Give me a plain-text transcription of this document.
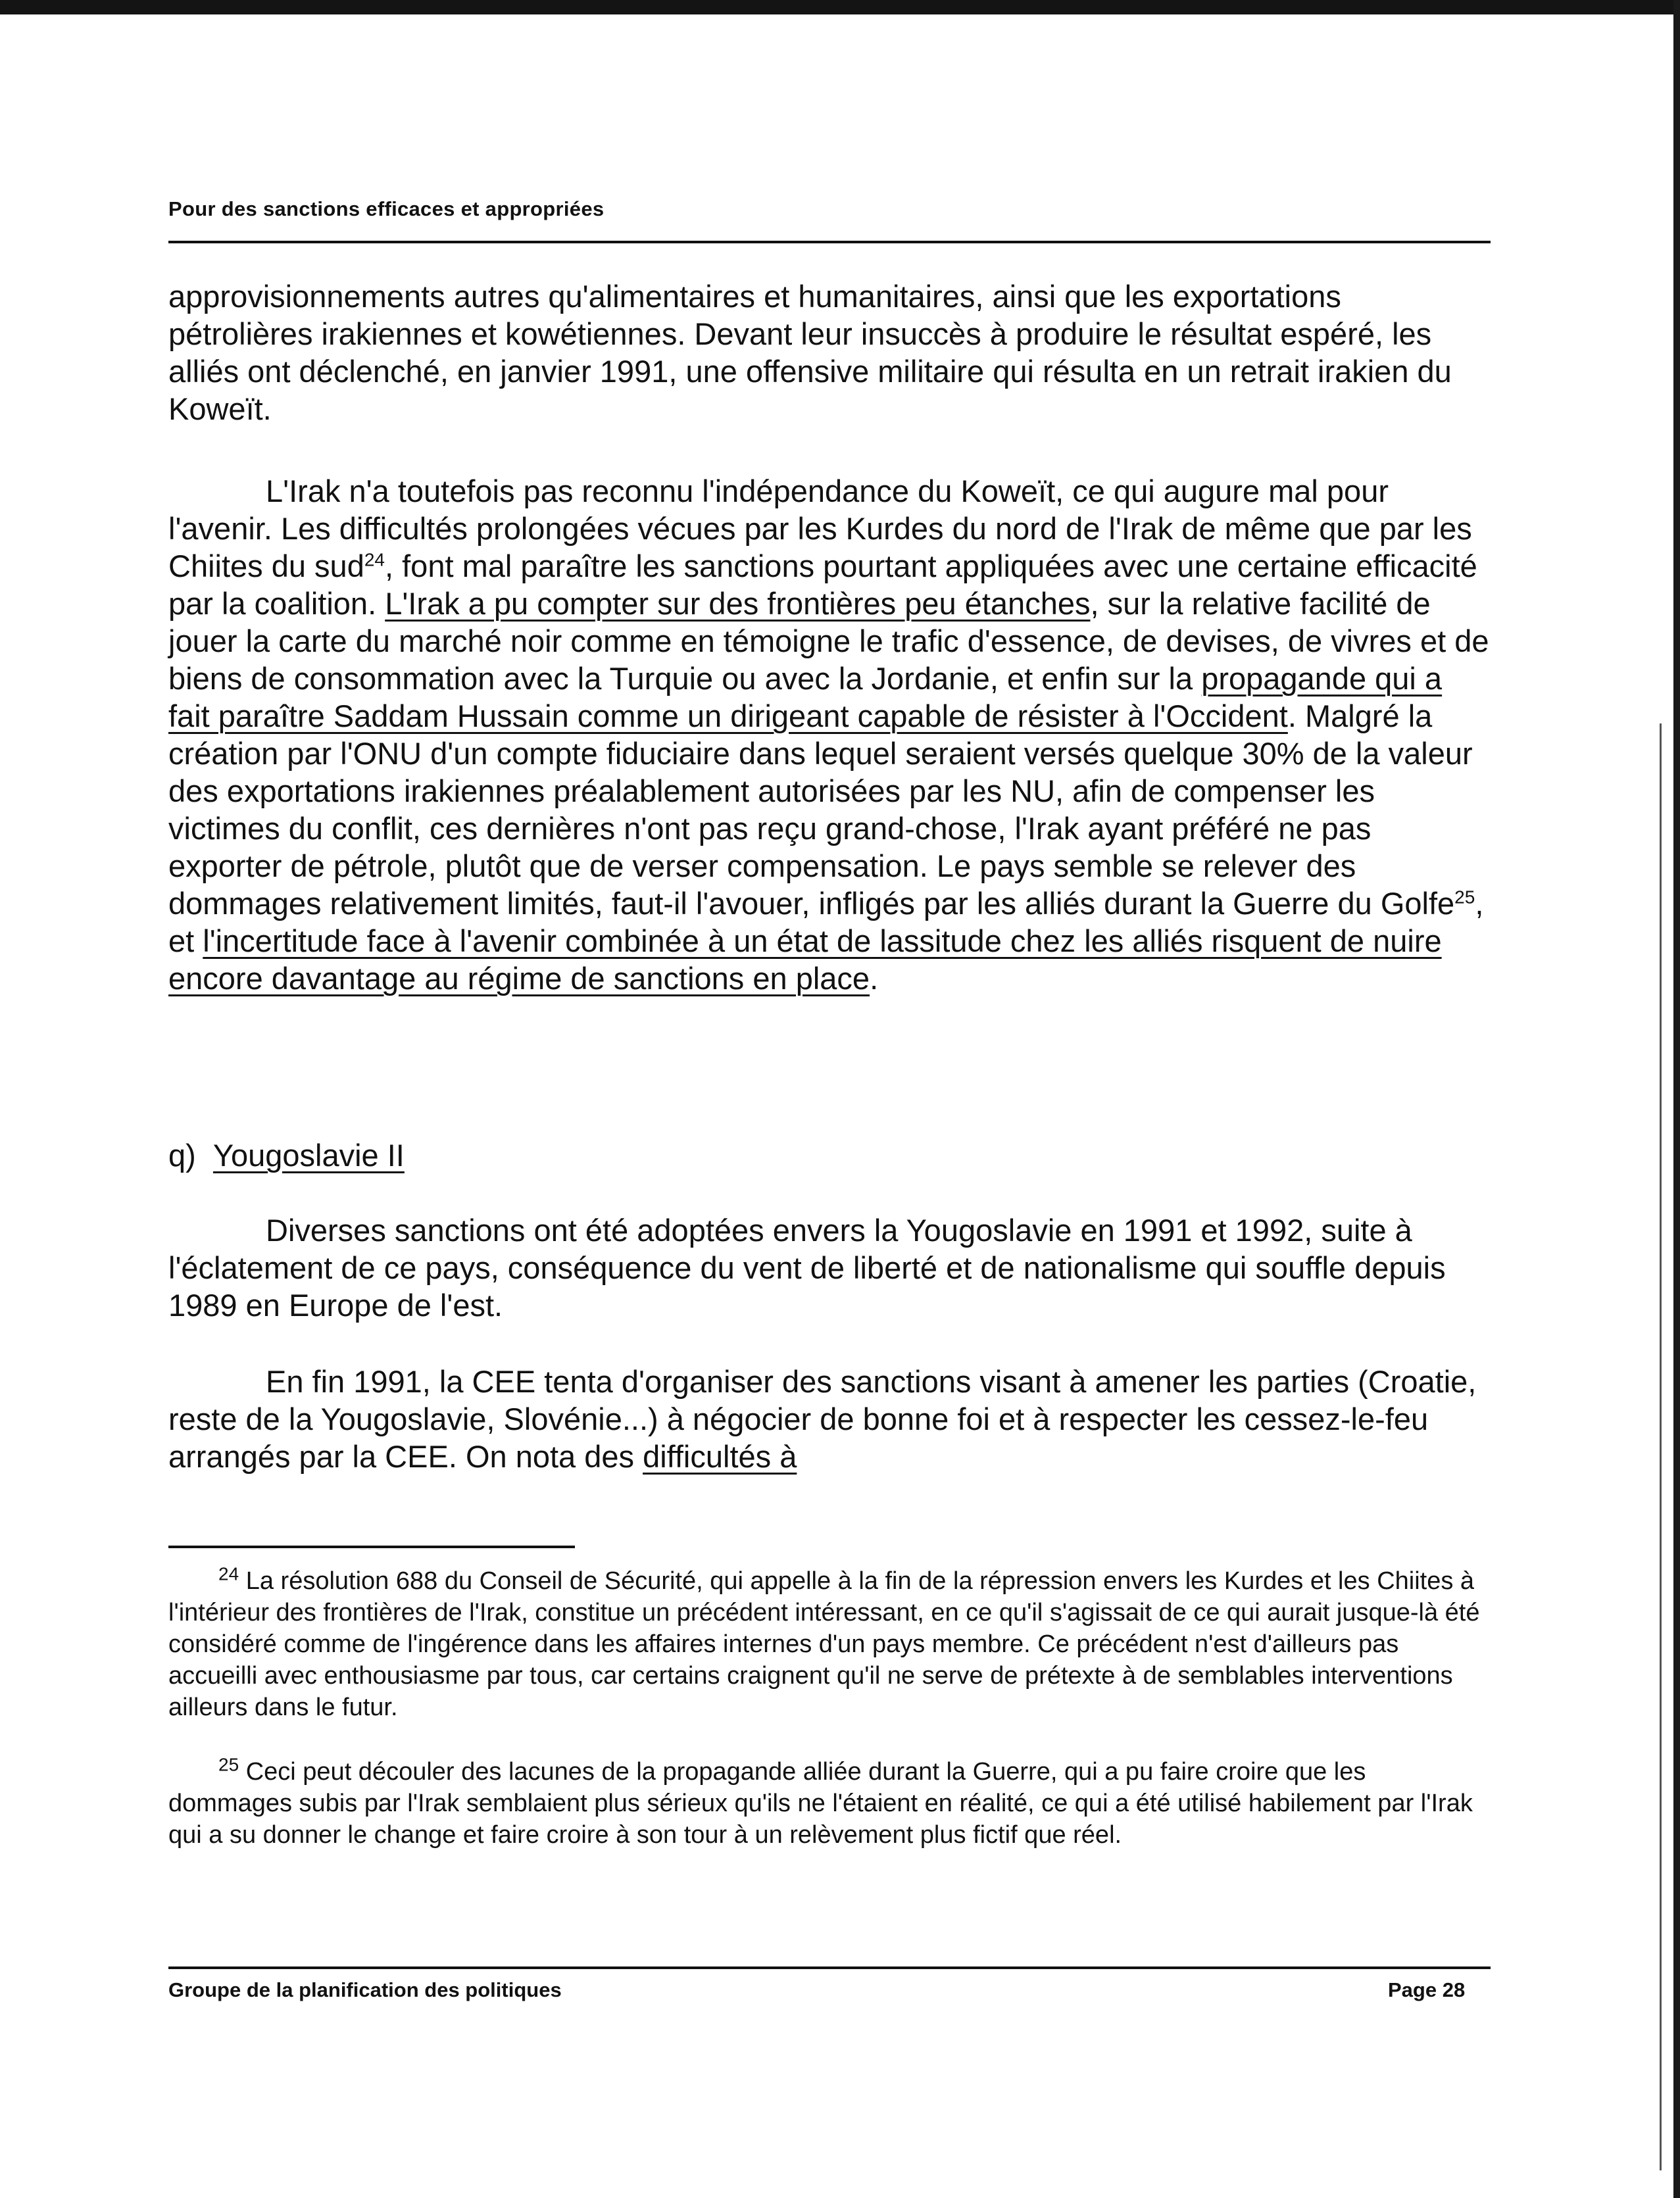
Pour des sanctions efficaces et appropriées

approvisionnements autres qu'alimentaires et humanitaires, ainsi que les exportations pétrolières irakiennes et kowétiennes. Devant leur insuccès à produire le résultat espéré, les alliés ont déclenché, en janvier 1991, une offensive militaire qui résulta en un retrait irakien du Koweït.

L'Irak n'a toutefois pas reconnu l'indépendance du Koweït, ce qui augure mal pour l'avenir. Les difficultés prolongées vécues par les Kurdes du nord de l'Irak de même que par les Chiites du sud$^{24}$, font mal paraître les sanctions pourtant appliquées avec une certaine efficacité par la coalition. L'Irak a pu compter sur des frontières peu étanches, sur la relative facilité de jouer la carte du marché noir comme en témoigne le trafic d'essence, de devises, de vivres et de biens de consommation avec la Turquie ou avec la Jordanie, et enfin sur la propagande qui a fait paraître Saddam Hussain comme un dirigeant capable de résister à l'Occident. Malgré la création par l'ONU d'un compte fiduciaire dans lequel seraient versés quelque 30% de la valeur des exportations irakiennes préalablement autorisées par les NU, afin de compenser les victimes du conflit, ces dernières n'ont pas reçu grand-chose, l'Irak ayant préféré ne pas exporter de pétrole, plutôt que de verser compensation. Le pays semble se relever des dommages relativement limités, faut-il l'avouer, infligés par les alliés durant la Guerre du Golfe$^{25}$, et l'incertitude face à l'avenir combinée à un état de lassitude chez les alliés risquent de nuire encore davantage au régime de sanctions en place.

q) Yougoslavie II

Diverses sanctions ont été adoptées envers la Yougoslavie en 1991 et 1992, suite à l'éclatement de ce pays, conséquence du vent de liberté et de nationalisme qui souffle depuis 1989 en Europe de l'est.

En fin 1991, la CEE tenta d'organiser des sanctions visant à amener les parties (Croatie, reste de la Yougoslavie, Slovénie...) à négocier de bonne foi et à respecter les cessez-le-feu arrangés par la CEE. On nota des difficultés à

$^{24}$ La résolution 688 du Conseil de Sécurité, qui appelle à la fin de la répression envers les Kurdes et les Chiites à l'intérieur des frontières de l'Irak, constitue un précédent intéressant, en ce qu'il s'agissait de ce qui aurait jusque-là été considéré comme de l'ingérence dans les affaires internes d'un pays membre. Ce précédent n'est d'ailleurs pas accueilli avec enthousiasme par tous, car certains craignent qu'il ne serve de prétexte à de semblables interventions ailleurs dans le futur.

$^{25}$ Ceci peut découler des lacunes de la propagande alliée durant la Guerre, qui a pu faire croire que les dommages subis par l'Irak semblaient plus sérieux qu'ils ne l'étaient en réalité, ce qui a été utilisé habilement par l'Irak qui a su donner le change et faire croire à son tour à un relèvement plus fictif que réel.

Groupe de la planification des politiques	Page 28
